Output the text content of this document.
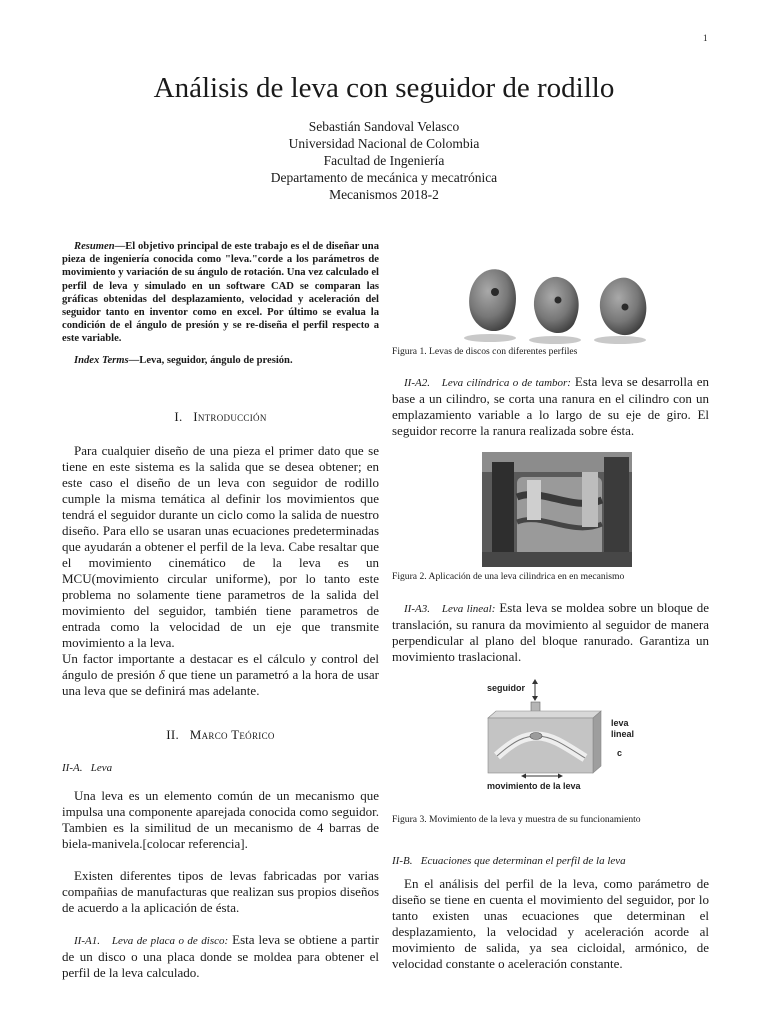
1
Análisis de leva con seguidor de rodillo
Sebastián Sandoval Velasco
Universidad Nacional de Colombia
Facultad de Ingeniería
Departamento de mecánica y mecatrónica
Mecanismos 2018-2

Resumen—El objetivo principal de este trabajo es el de diseñar una pieza de ingeniería conocida como "leva."corde a los parámetros de movimiento y variación de su ángulo de rotación. Una vez calculado el perfil de leva y simulado en un software CAD se comparan las gráficas obtenidas del desplazamiento, velocidad y aceleración del seguidor tanto en inventor como en excel. Por último se evalua la condición de el ángulo de presión y se re-diseña el perfil respecto a este variable.

Index Terms—Leva, seguidor, ángulo de presión.

I. Introducción

Para cualquier diseño de una pieza el primer dato que se tiene en este sistema es la salida que se desea obtener; en este caso el diseño de un leva con seguidor de rodillo cumple la misma temática al definir los movimientos que tendrá el seguidor durante un ciclo como la salida de nuestro diseño. Para ello se usaran unas ecuaciones predeterminadas que ayudarán a obtener el perfil de la leva. Cabe resaltar que el movimiento cinemático de la leva es un MCU(movimiento circular uniforme), por lo tanto este problema no solamente tiene parametros de la salida del movimiento del seguidor, también tiene parametros de entrada como la velocidad de un eje que transmite movimiento a la leva.

Un factor importante a destacar es el cálculo y control del ángulo de presión δ que tiene un parametró a la hora de usar una leva que se definirá mas adelante.

II. Marco Teórico
II-A. Leva

Una leva es un elemento común de un mecanismo que impulsa una componente aparejada conocida como seguidor. Tambien es la similitud de un mecanismo de 4 barras de biela-manivela.[colocar referencia].

Existen diferentes tipos de levas fabricadas por varias compañias de manufacturas que realizan sus propios diseños de acuerdo a la aplicación de ésta.

II-A1. Leva de placa o de disco: Esta leva se obtiene a partir de un disco o una placa donde se moldea para obtener el perfil de la leva calculado.

Figura 1. Levas de discos con diferentes perfiles

II-A2. Leva cilíndrica o de tambor: Esta leva se desarrolla en base a un cilindro, se corta una ranura en el cilindro con un emplazamiento variable a lo largo de su eje de giro. El seguidor recorre la ranura realizada sobre ésta.

Figura 2. Aplicación de una leva cilindrica en en mecanismo

II-A3. Leva lineal: Esta leva se moldea sobre un bloque de translación, su ranura da movimiento al seguidor de manera perpendicular al plano del bloque ranurado. Garantiza un movimiento traslacional.

seguidor
leva
lineal
c
movimiento de la leva
Figura 3. Movimiento de la leva y muestra de su funcionamiento
II-B. Ecuaciones que determinan el perfil de la leva

En el análisis del perfil de la leva, como parámetro de diseño se tiene en cuenta el movimiento del seguidor, por lo tanto existen unas ecuaciones que determinan el desplazamiento, la velocidad y aceleración acorde al movimiento de salida, ya sea cicloidal, armónico, de velocidad constante o aceleración constante.
